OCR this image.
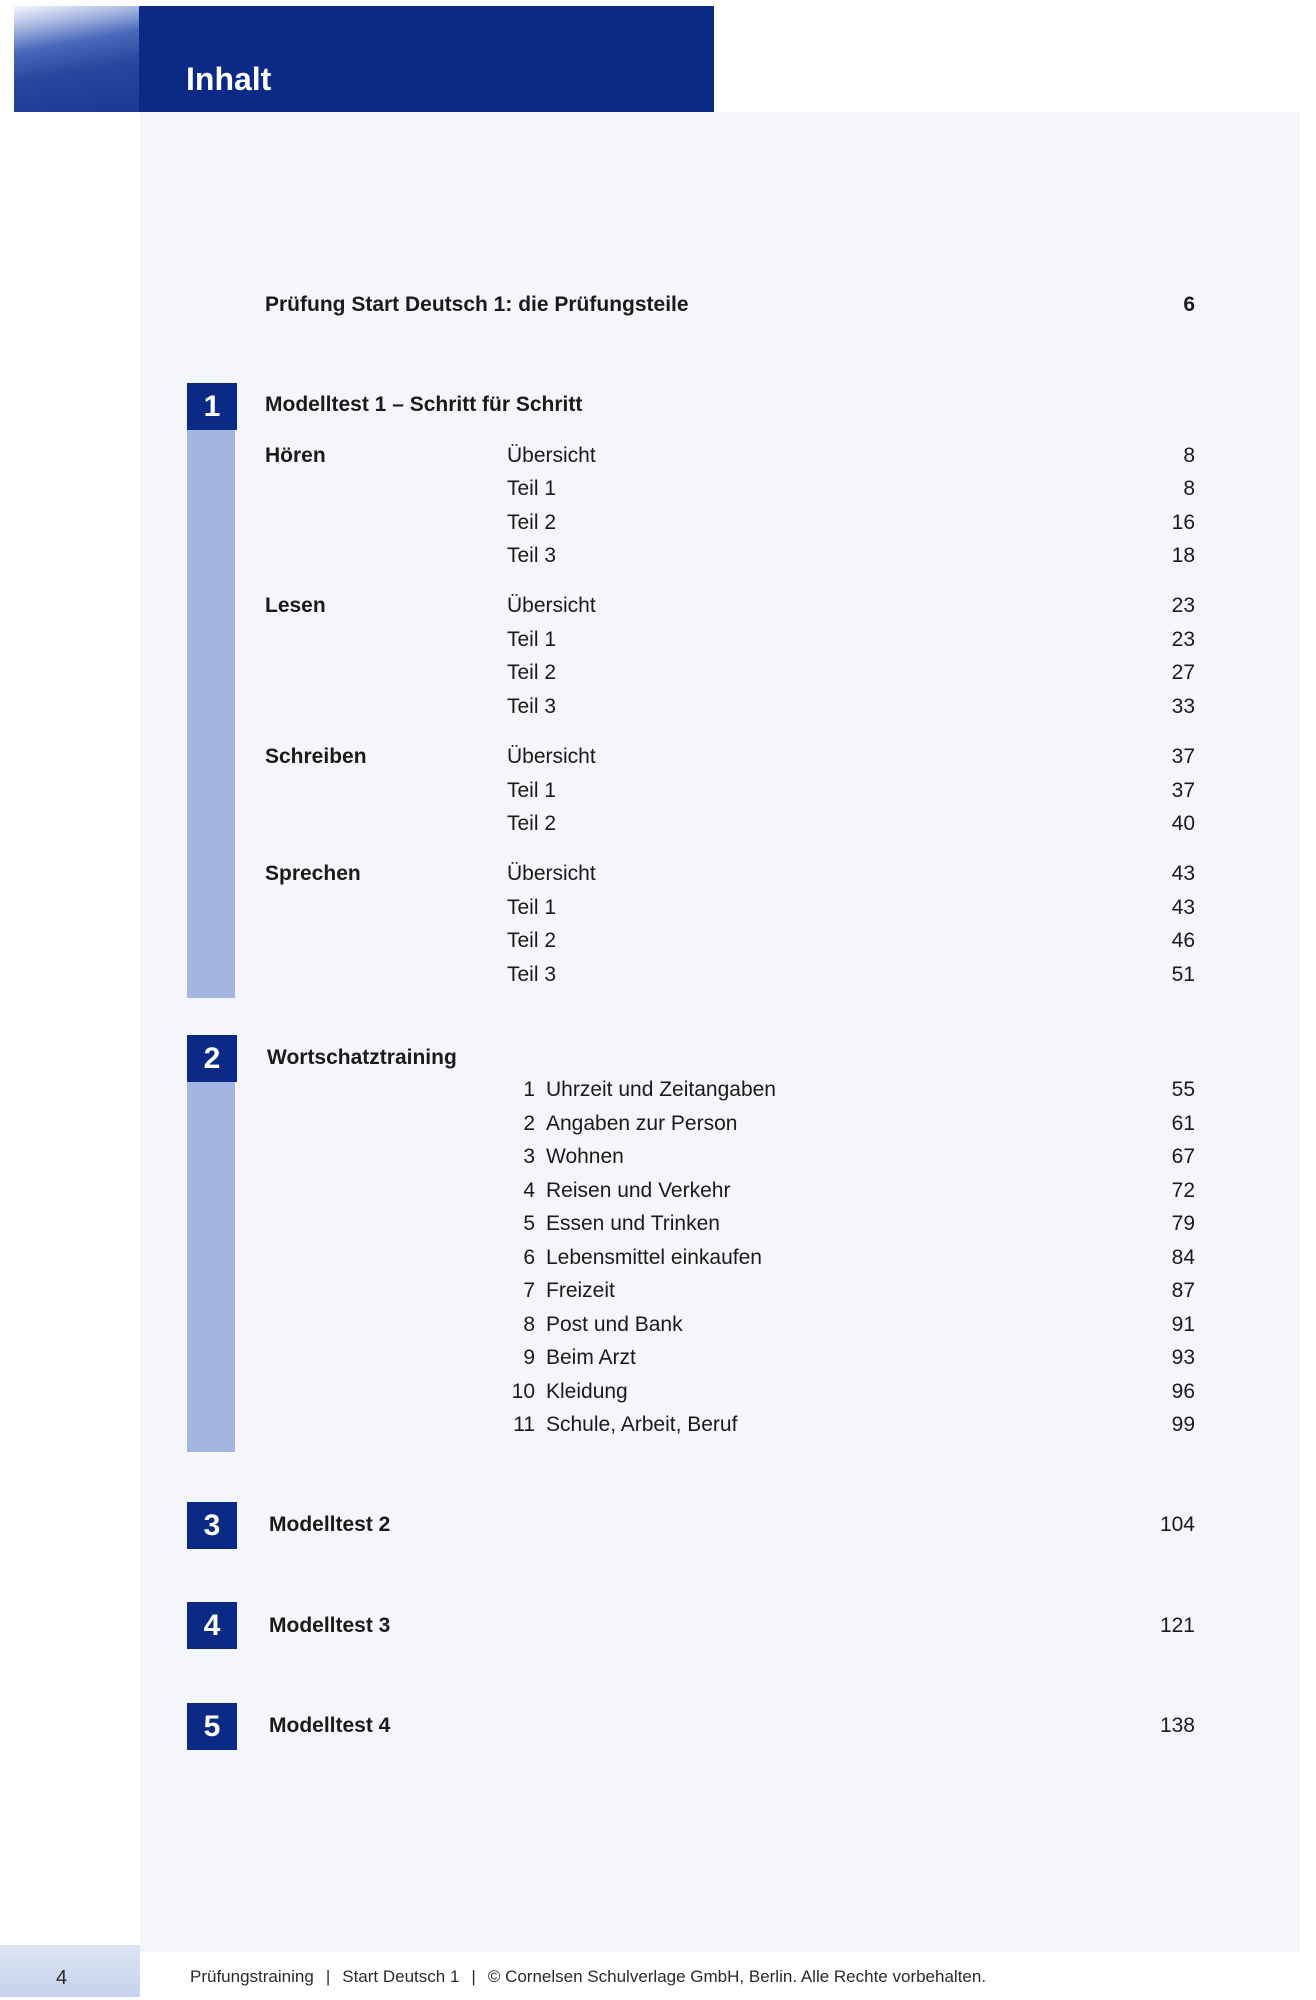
Inhalt
Prüfung Start Deutsch 1: die Prüfungsteile	6
1	Modelltest 1 – Schritt für Schritt
Hören	Übersicht	8
Teil 1	8
Teil 2	16
Teil 3	18
Lesen	Übersicht	23
Teil 1	23
Teil 2	27
Teil 3	33
Schreiben	Übersicht	37
Teil 1	37
Teil 2	40
Sprechen	Übersicht	43
Teil 1	43
Teil 2	46
Teil 3	51
2	Wortschatztraining
1 Uhrzeit und Zeitangaben	55
2 Angaben zur Person	61
3 Wohnen	67
4 Reisen und Verkehr	72
5 Essen und Trinken	79
6 Lebensmittel einkaufen	84
7 Freizeit	87
8 Post und Bank	91
9 Beim Arzt	93
10 Kleidung	96
11 Schule, Arbeit, Beruf	99
3	Modelltest 2	104
4	Modelltest 3	121
5	Modelltest 4	138
4	Prüfungstraining | Start Deutsch 1 | © Cornelsen Schulverlage GmbH, Berlin. Alle Rechte vorbehalten.
